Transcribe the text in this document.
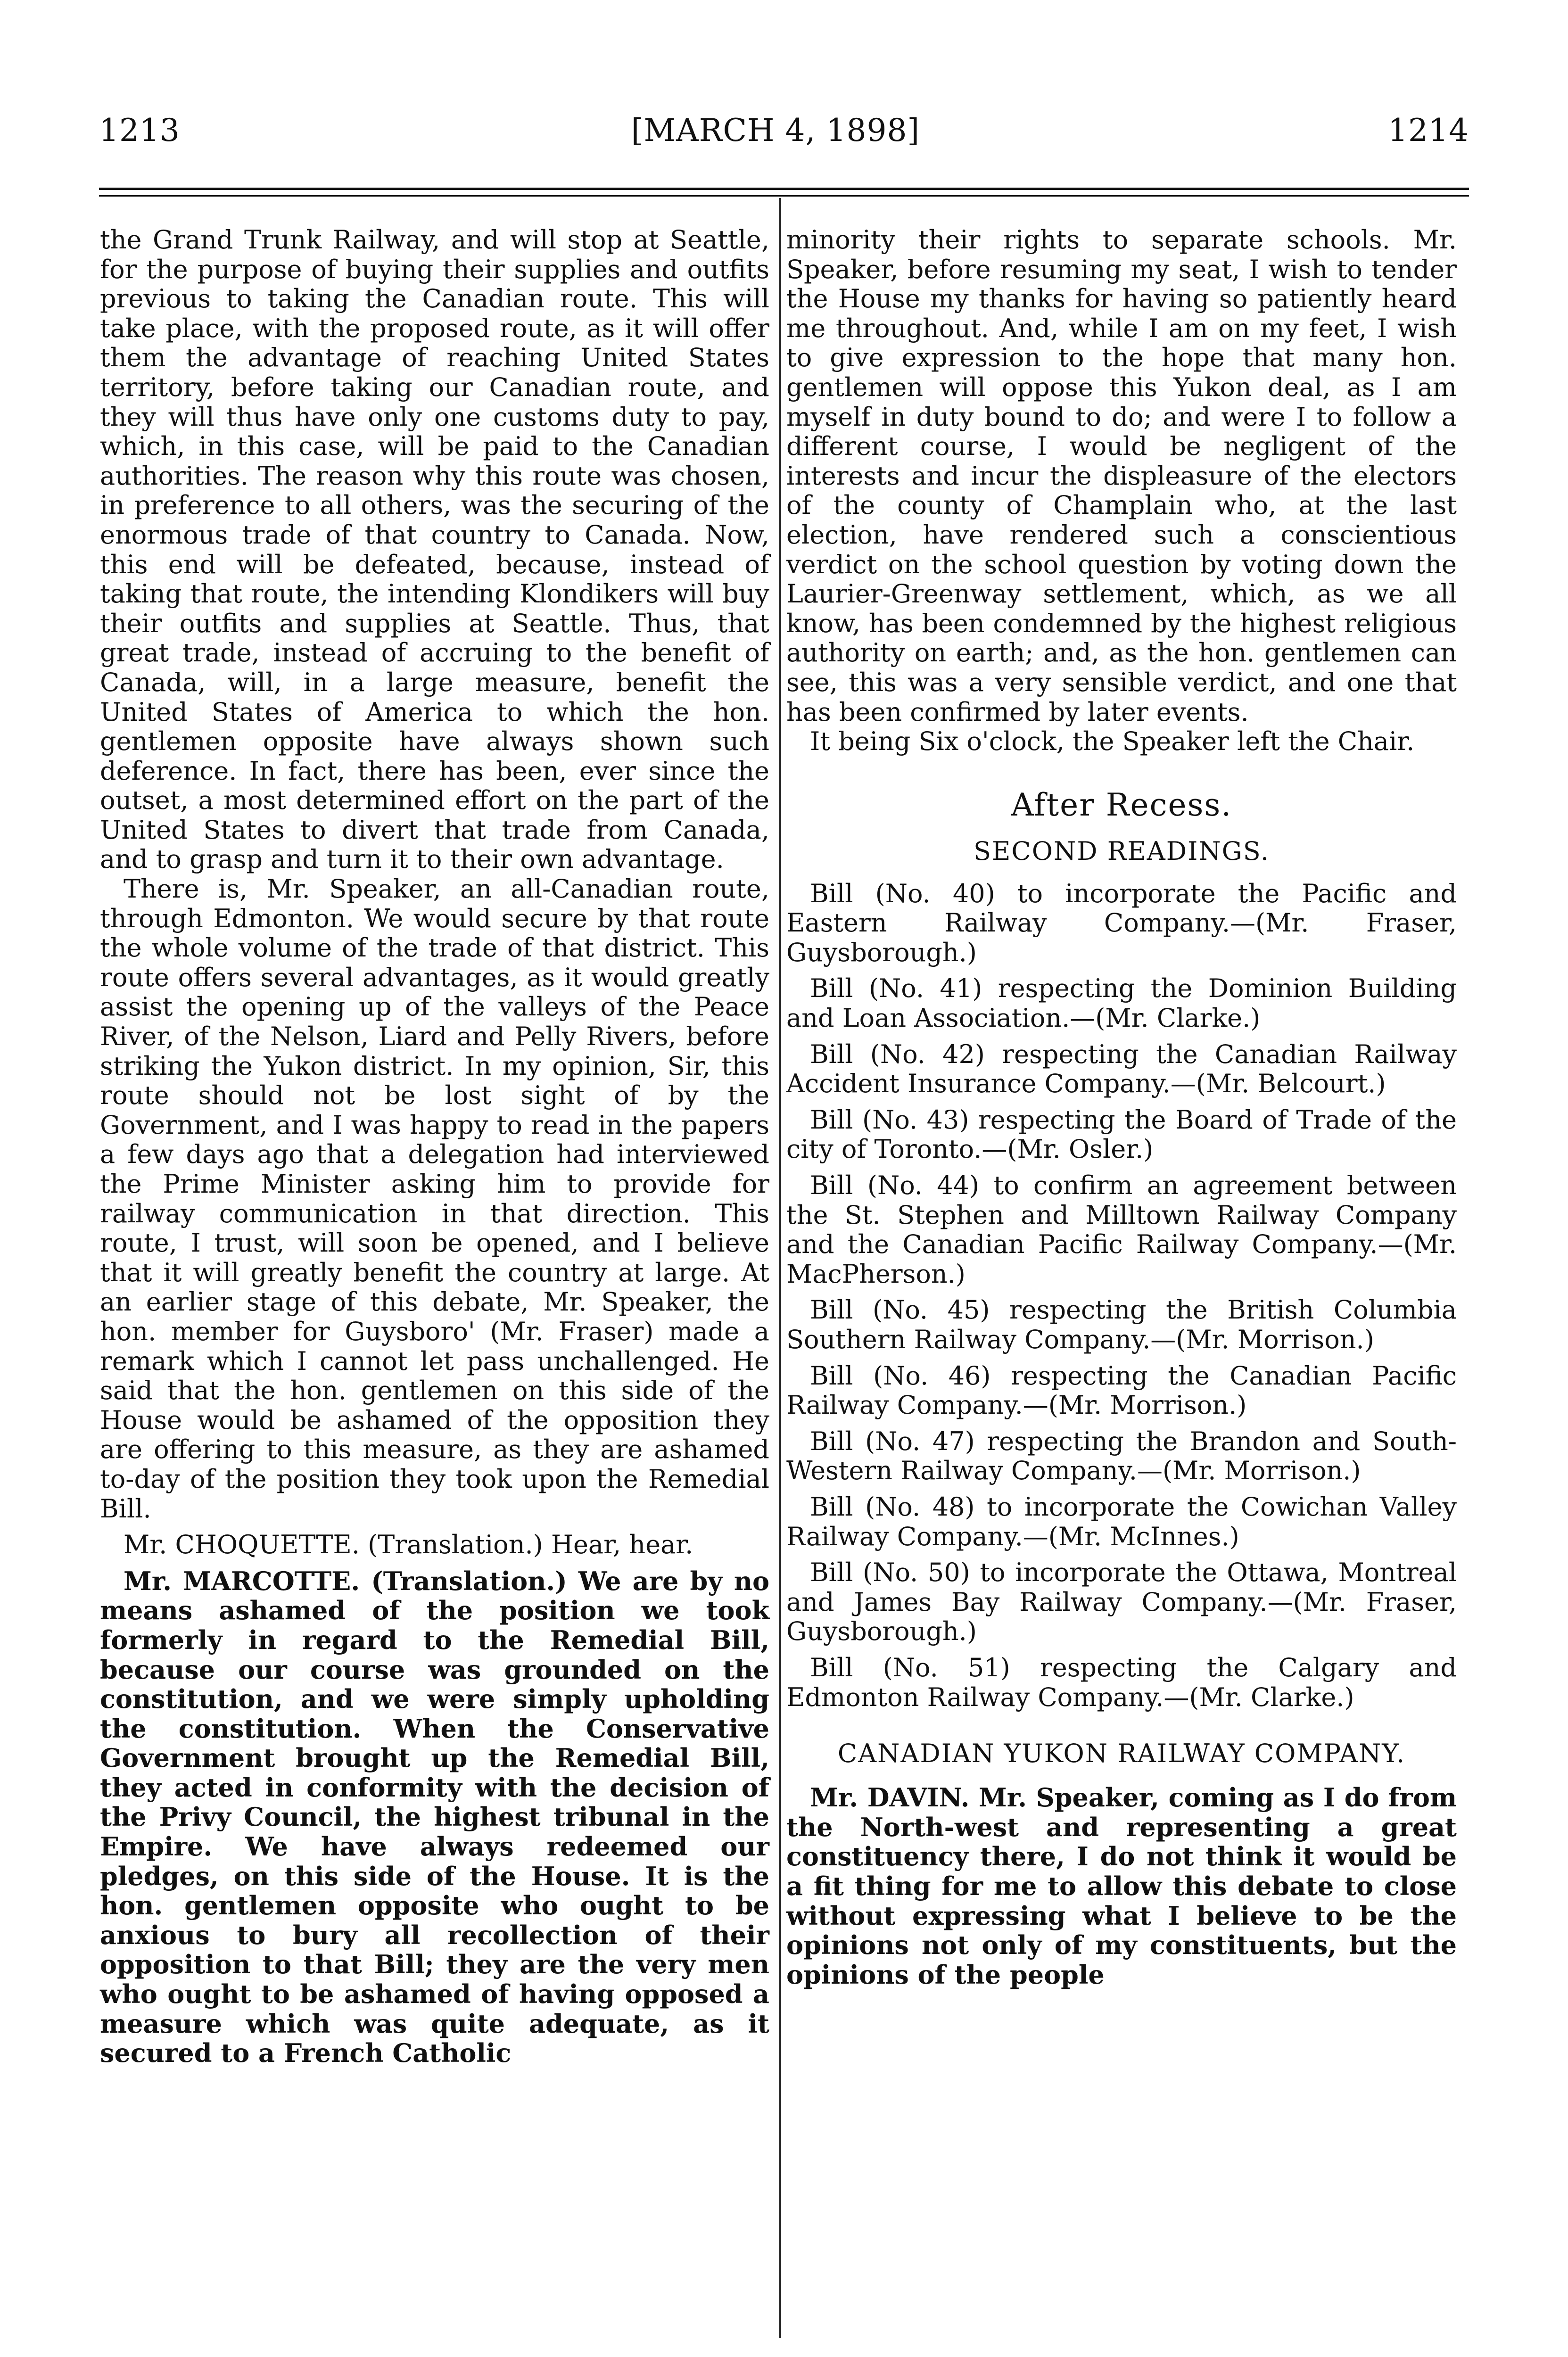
1213	[MARCH 4, 1898]	1214

the Grand Trunk Railway, and will stop at Seattle, for the purpose of buying their supplies and outfits previous to taking the Canadian route. This will take place, with the proposed route, as it will offer them the advantage of reaching United States territory, before taking our Canadian route, and they will thus have only one customs duty to pay, which, in this case, will be paid to the Canadian authorities. The reason why this route was chosen, in preference to all others, was the securing of the enormous trade of that country to Canada. Now, this end will be defeated, because, instead of taking that route, the intending Klondikers will buy their outfits and supplies at Seattle. Thus, that great trade, instead of accruing to the benefit of Canada, will, in a large measure, benefit the United States of America to which the hon. gentlemen opposite have always shown such deference. In fact, there has been, ever since the outset, a most determined effort on the part of the United States to divert that trade from Canada, and to grasp and turn it to their own advantage.

There is, Mr. Speaker, an all-Canadian route, through Edmonton. We would secure by that route the whole volume of the trade of that district. This route offers several advantages, as it would greatly assist the opening up of the valleys of the Peace River, of the Nelson, Liard and Pelly Rivers, before striking the Yukon district. In my opinion, Sir, this route should not be lost sight of by the Government, and I was happy to read in the papers a few days ago that a delegation had interviewed the Prime Minister asking him to provide for railway communication in that direction. This route, I trust, will soon be opened, and I believe that it will greatly benefit the country at large. At an earlier stage of this debate, Mr. Speaker, the hon. member for Guysboro' (Mr. Fraser) made a remark which I cannot let pass unchallenged. He said that the hon. gentlemen on this side of the House would be ashamed of the opposition they are offering to this measure, as they are ashamed to-day of the position they took upon the Remedial Bill.

Mr. CHOQUETTE. (Translation.) Hear, hear.

Mr. MARCOTTE. (Translation.) We are by no means ashamed of the position we took formerly in regard to the Remedial Bill, because our course was grounded on the constitution, and we were simply upholding the constitution. When the Conservative Government brought up the Remedial Bill, they acted in conformity with the decision of the Privy Council, the highest tribunal in the Empire. We have always redeemed our pledges, on this side of the House. It is the hon. gentlemen opposite who ought to be anxious to bury all recollection of their opposition to that Bill; they are the very men who ought to be ashamed of having opposed a measure which was quite adequate, as it secured to a French Catholic

minority their rights to separate schools. Mr. Speaker, before resuming my seat, I wish to tender the House my thanks for having so patiently heard me throughout. And, while I am on my feet, I wish to give expression to the hope that many hon. gentlemen will oppose this Yukon deal, as I am myself in duty bound to do; and were I to follow a different course, I would be negligent of the interests and incur the displeasure of the electors of the county of Champlain who, at the last election, have rendered such a conscientious verdict on the school question by voting down the Laurier-Greenway settlement, which, as we all know, has been condemned by the highest religious authority on earth; and, as the hon. gentlemen can see, this was a very sensible verdict, and one that has been confirmed by later events.

It being Six o'clock, the Speaker left the Chair.

After Recess.

SECOND READINGS.

Bill (No. 40) to incorporate the Pacific and Eastern Railway Company.—(Mr. Fraser, Guysborough.)

Bill (No. 41) respecting the Dominion Building and Loan Association.—(Mr. Clarke.)

Bill (No. 42) respecting the Canadian Railway Accident Insurance Company.—(Mr. Belcourt.)

Bill (No. 43) respecting the Board of Trade of the city of Toronto.—(Mr. Osler.)

Bill (No. 44) to confirm an agreement between the St. Stephen and Milltown Railway Company and the Canadian Pacific Railway Company.—(Mr. MacPherson.)

Bill (No. 45) respecting the British Columbia Southern Railway Company.—(Mr. Morrison.)

Bill (No. 46) respecting the Canadian Pacific Railway Company.—(Mr. Morrison.)

Bill (No. 47) respecting the Brandon and South-Western Railway Company.—(Mr. Morrison.)

Bill (No. 48) to incorporate the Cowichan Valley Railway Company.—(Mr. McInnes.)

Bill (No. 50) to incorporate the Ottawa, Montreal and James Bay Railway Company.—(Mr. Fraser, Guysborough.)

Bill (No. 51) respecting the Calgary and Edmonton Railway Company.—(Mr. Clarke.)

CANADIAN YUKON RAILWAY COMPANY.

Mr. DAVIN. Mr. Speaker, coming as I do from the North-west and representing a great constituency there, I do not think it would be a fit thing for me to allow this debate to close without expressing what I believe to be the opinions not only of my constituents, but the opinions of the people
